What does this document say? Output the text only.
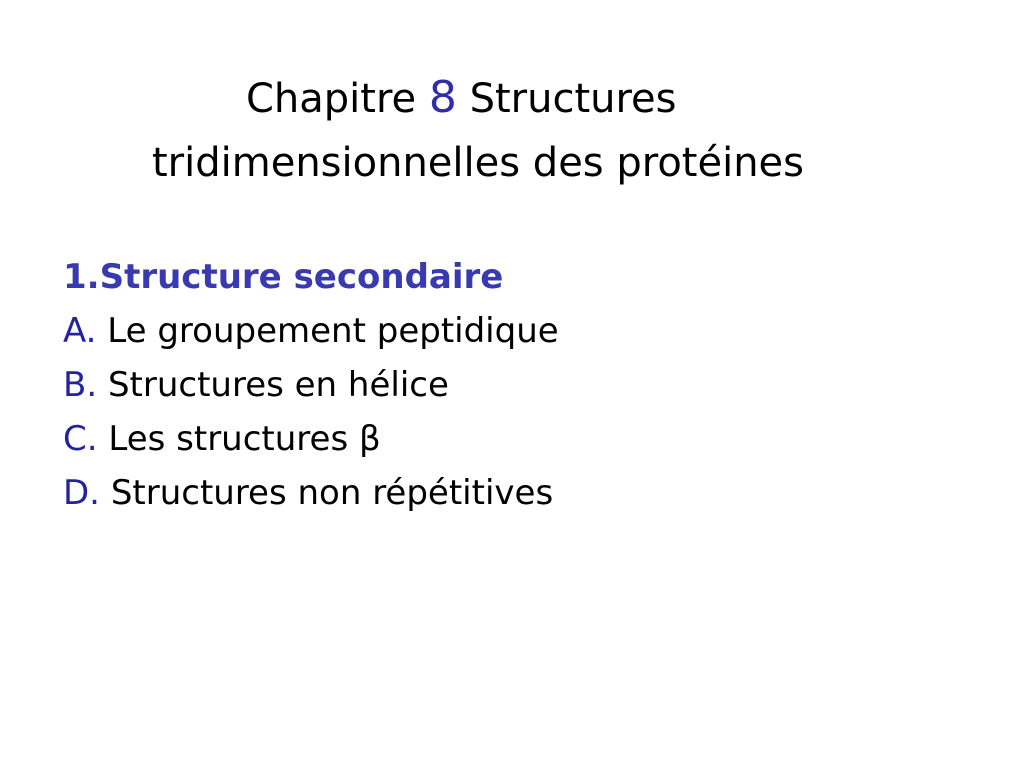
Chapitre 8 Structures
tridimensionnelles des protéines
1.Structure secondaire
A. Le groupement peptidique
B. Structures en hélice
C. Les structures β
D. Structures non répétitives
